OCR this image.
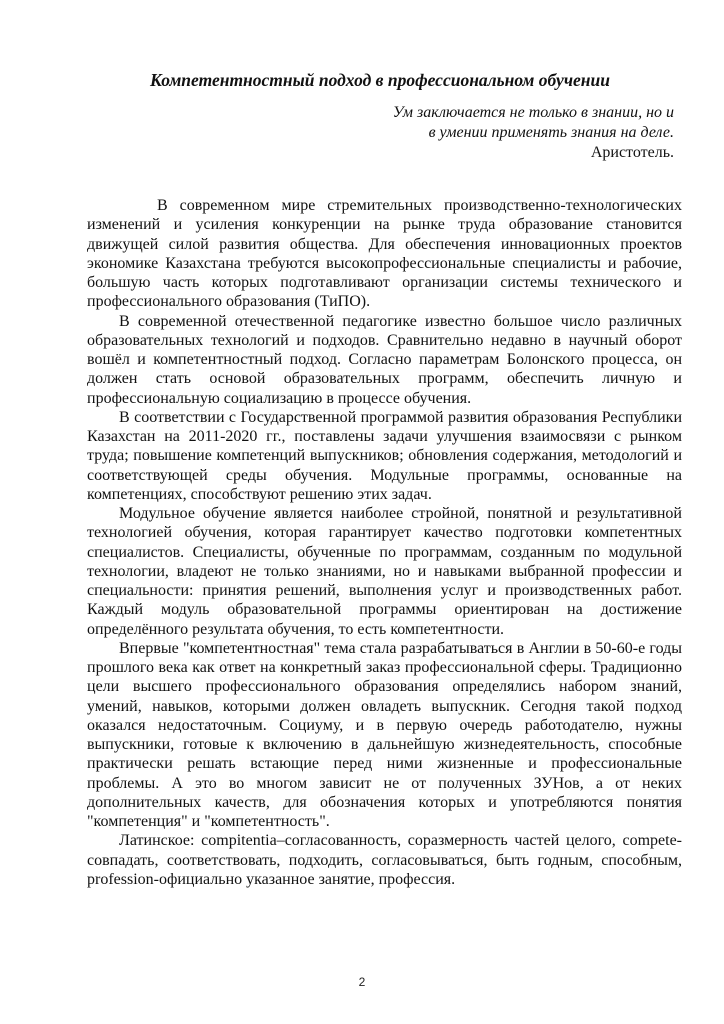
Компетентностный подход в профессиональном обучении
Ум заключается не только в знании, но и
в умении применять знания на деле.
Аристотель.

В современном мире стремительных производственно-технологических изменений и усиления конкуренции на рынке труда образование становится движущей силой развития общества. Для обеспечения инновационных проектов экономике Казахстана требуются высокопрофессиональные специалисты и рабочие, большую часть которых подготавливают организации системы технического и профессионального образования (ТиПО).

В современной отечественной педагогике известно большое число различных образовательных технологий и подходов. Сравнительно недавно в научный оборот вошёл и компетентностный подход. Согласно параметрам Болонского процесса, он должен стать основой образовательных программ, обеспечить личную и профессиональную социализацию в процессе обучения.

В соответствии с Государственной программой развития образования Республики Казахстан на 2011-2020 гг., поставлены задачи улучшения взаимосвязи с рынком труда; повышение компетенций выпускников; обновления содержания, методологий и соответствующей среды обучения. Модульные программы, основанные на компетенциях, способствуют решению этих задач.

Модульное обучение является наиболее стройной, понятной и результативной технологией обучения, которая гарантирует качество подготовки компетентных специалистов. Специалисты, обученные по программам, созданным по модульной технологии, владеют не только знаниями, но и навыками выбранной профессии и специальности: принятия решений, выполнения услуг и производственных работ. Каждый модуль образовательной программы ориентирован на достижение определённого результата обучения, то есть компетентности.

Впервые "компетентностная" тема стала разрабатываться в Англии в 50-60-е годы прошлого века как ответ на конкретный заказ профессиональной сферы. Традиционно цели высшего профессионального образования определялись набором знаний, умений, навыков, которыми должен овладеть выпускник. Сегодня такой подход оказался недостаточным. Социуму, и в первую очередь работодателю, нужны выпускники, готовые к включению в дальнейшую жизнедеятельность, способные практически решать встающие перед ними жизненные и профессиональные проблемы. А это во многом зависит не от полученных ЗУНов, а от неких дополнительных качеств, для обозначения которых и употребляются понятия "компетенция" и "компетентность".

Латинское: compitentia–согласованность, соразмерность частей целого, compete-совпадать, соответствовать, подходить, согласовываться, быть годным, способным, profession-официально указанное занятие, профессия.

2
